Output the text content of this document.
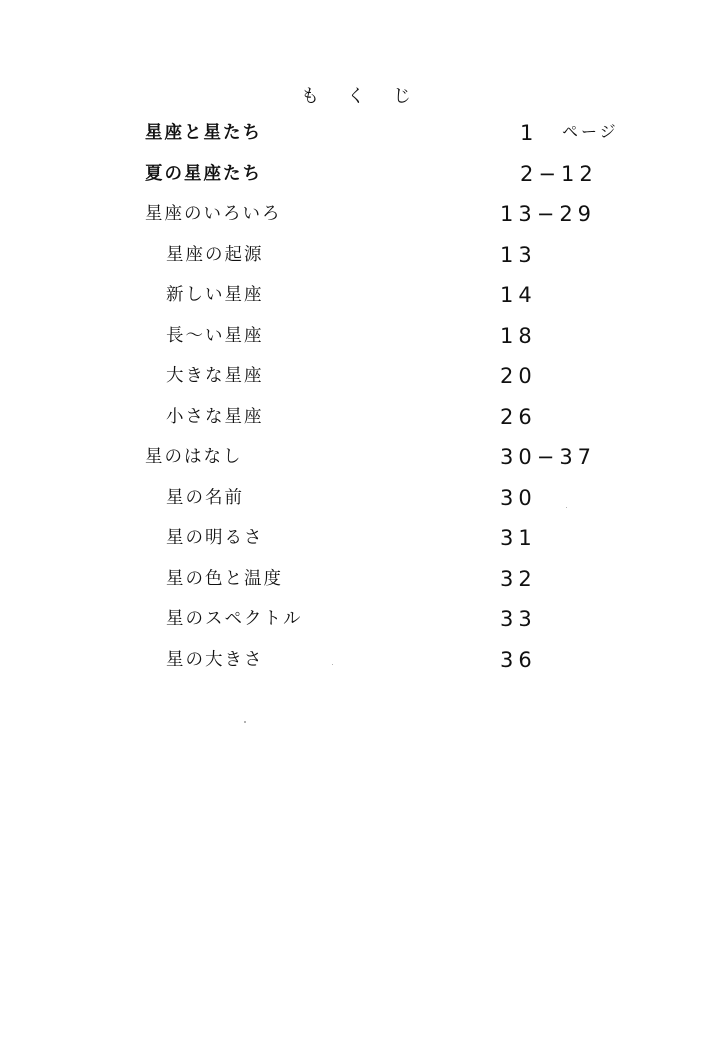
もくじ
星座と星たち	1 ページ
夏の星座たち	2−12
星座のいろいろ	13−29
星座の起源	13
新しい星座	14
長〜い星座	18
大きな星座	20
小さな星座	26
星のはなし	30−37
星の名前	30
星の明るさ	31
星の色と温度	32
星のスペクトル	33
星の大きさ	36
